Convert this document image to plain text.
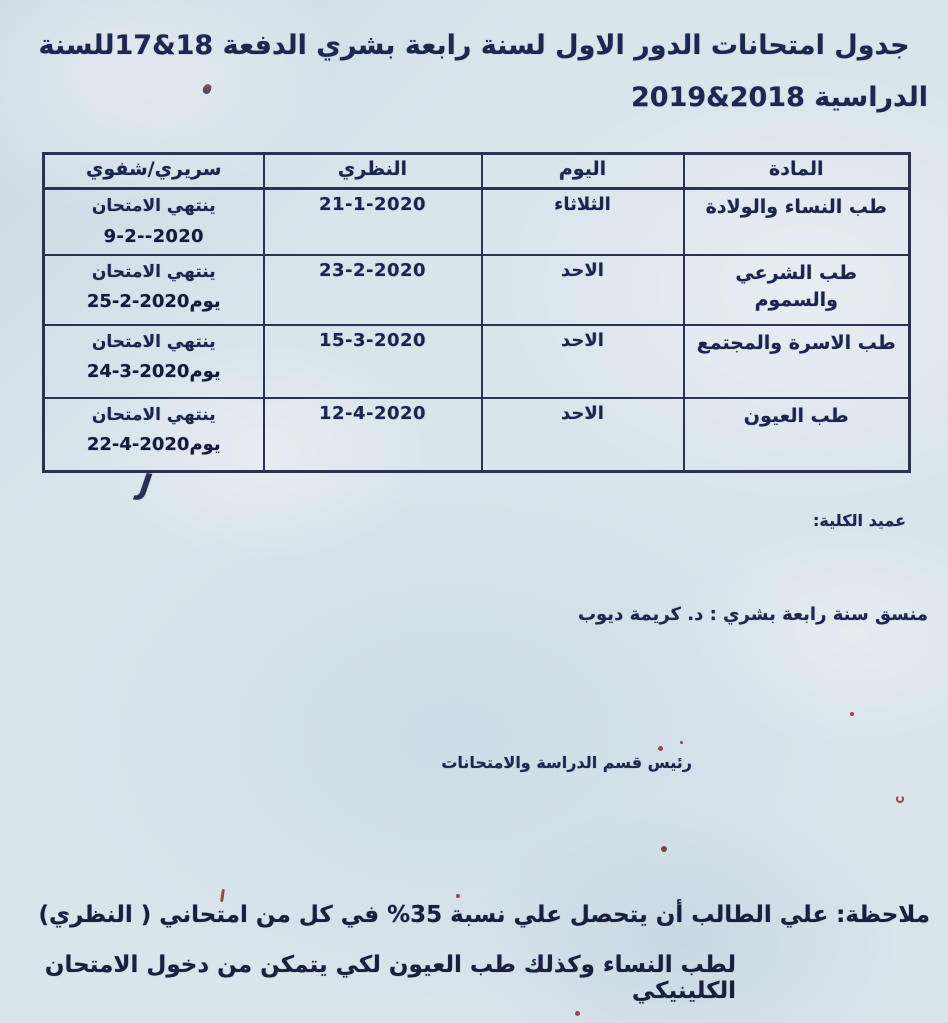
جدول امتحانات الدور الاول لسنة رابعة بشري الدفعة 18&17للسنة
الدراسية 2018&2019
المادة	اليوم	النظري	سريري/شفوي
طب النساء والولادة	الثلاثاء	21-1-2020	ينتهي الامتحان
9-2--2020

طب الشرعي والسموم	الاحد	23-2-2020	ينتهي الامتحان
يوم25-2-2020

طب الاسرة والمجتمع	الاحد	15-3-2020	ينتهي الامتحان
يوم24-3-2020

طب العيون	الاحد	12-4-2020	ينتهي الامتحان
يوم22-4-2020
J
عميد الكلية:
منسق سنة رابعة بشري : د. كريمة ديوب
رئيس قسم الدراسة والامتحانات
ملاحظة: علي الطالب أن يتحصل علي نسبة 35% في كل من امتحاني ( النظري)
لطب النساء وكذلك طب العيون لكي يتمكن من دخول الامتحان الكلينيكي
